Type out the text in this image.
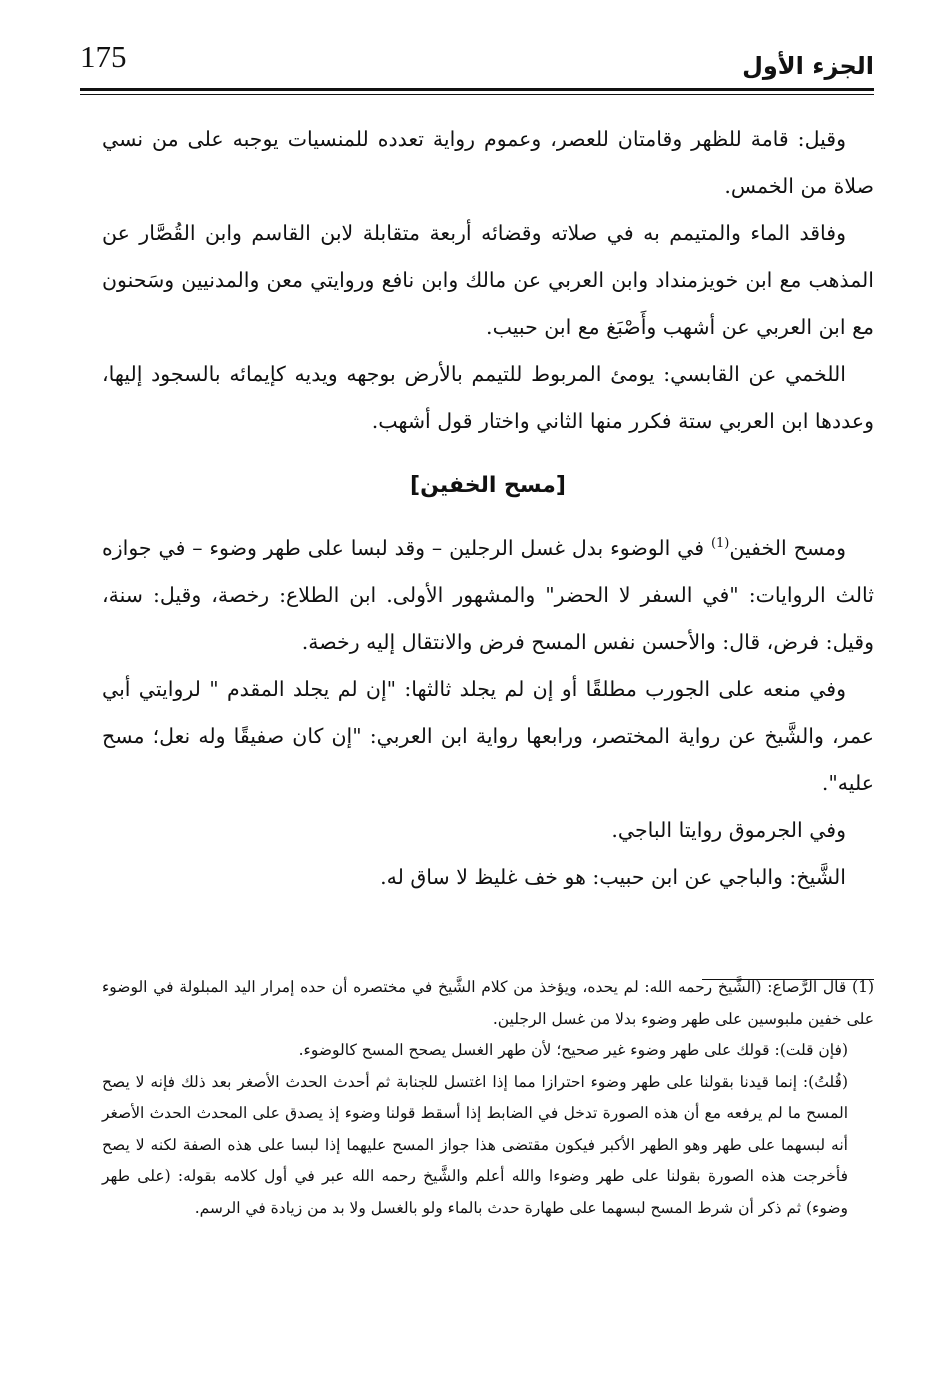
175	الجزء الأول

وقيل: قامة للظهر وقامتان للعصر، وعموم رواية تعدده للمنسيات يوجبه على من نسي صلاة من الخمس.

وفاقد الماء والمتيمم به في صلاته وقضائه أربعة متقابلة لابن القاسم وابن القُصَّار عن المذهب مع ابن خويزمنداد وابن العربي عن مالك وابن نافع وروايتي معن والمدنيين وسَحنون مع ابن العربي عن أشهب وأَصْبَغ مع ابن حبيب.

اللخمي عن القابسي: يومئ المربوط للتيمم بالأرض بوجهه ويديه كإيمائه بالسجود إليها، وعددها ابن العربي ستة فكرر منها الثاني واختار قول أشهب.

[مسح الخفين]

ومسح الخفين$^{(1)}$ في الوضوء بدل غسل الرجلين – وقد لبسا على طهر وضوء – في جوازه ثالث الروايات: "في السفر لا الحضر" والمشهور الأولى. ابن الطلاع: رخصة، وقيل: سنة، وقيل: فرض، قال: والأحسن نفس المسح فرض والانتقال إليه رخصة.

وفي منعه على الجورب مطلقًا أو إن لم يجلد ثالثها: "إن لم يجلد المقدم " لروايتي أبي عمر، والشَّيخ عن رواية المختصر، ورابعها رواية ابن العربي: "إن كان صفيقًا وله نعل؛ مسح عليه".

وفي الجرموق روايتا الباجي.

الشَّيخ: والباجي عن ابن حبيب: هو خف غليظ لا ساق له.

(1) قال الرَّصاع: (الشَّيخ رحمه الله: لم يحده، ويؤخذ من كلام الشَّيخ في مختصره أن حده إمرار اليد المبلولة في الوضوء على خفين ملبوسين على طهر وضوء بدلا من غسل الرجلين.

(فإن قلت): قولك على طهر وضوء غير صحيح؛ لأن طهر الغسل يصحح المسح كالوضوء.

(قُلتُ): إنما قيدنا بقولنا على طهر وضوء احترازا مما إذا اغتسل للجنابة ثم أحدث الحدث الأصغر بعد ذلك فإنه لا يصح المسح ما لم يرفعه مع أن هذه الصورة تدخل في الضابط إذا أسقط قولنا وضوء إذ يصدق على المحدث الحدث الأصغر أنه لبسهما على طهر وهو الطهر الأكبر فيكون مقتضى هذا جواز المسح عليهما إذا لبسا على هذه الصفة لكنه لا يصح فأخرجت هذه الصورة بقولنا على طهر وضوءا والله أعلم والشَّيخ رحمه الله عبر في أول كلامه بقوله: (على طهر وضوء) ثم ذكر أن شرط المسح لبسهما على طهارة حدث بالماء ولو بالغسل ولا بد من زيادة في الرسم.
